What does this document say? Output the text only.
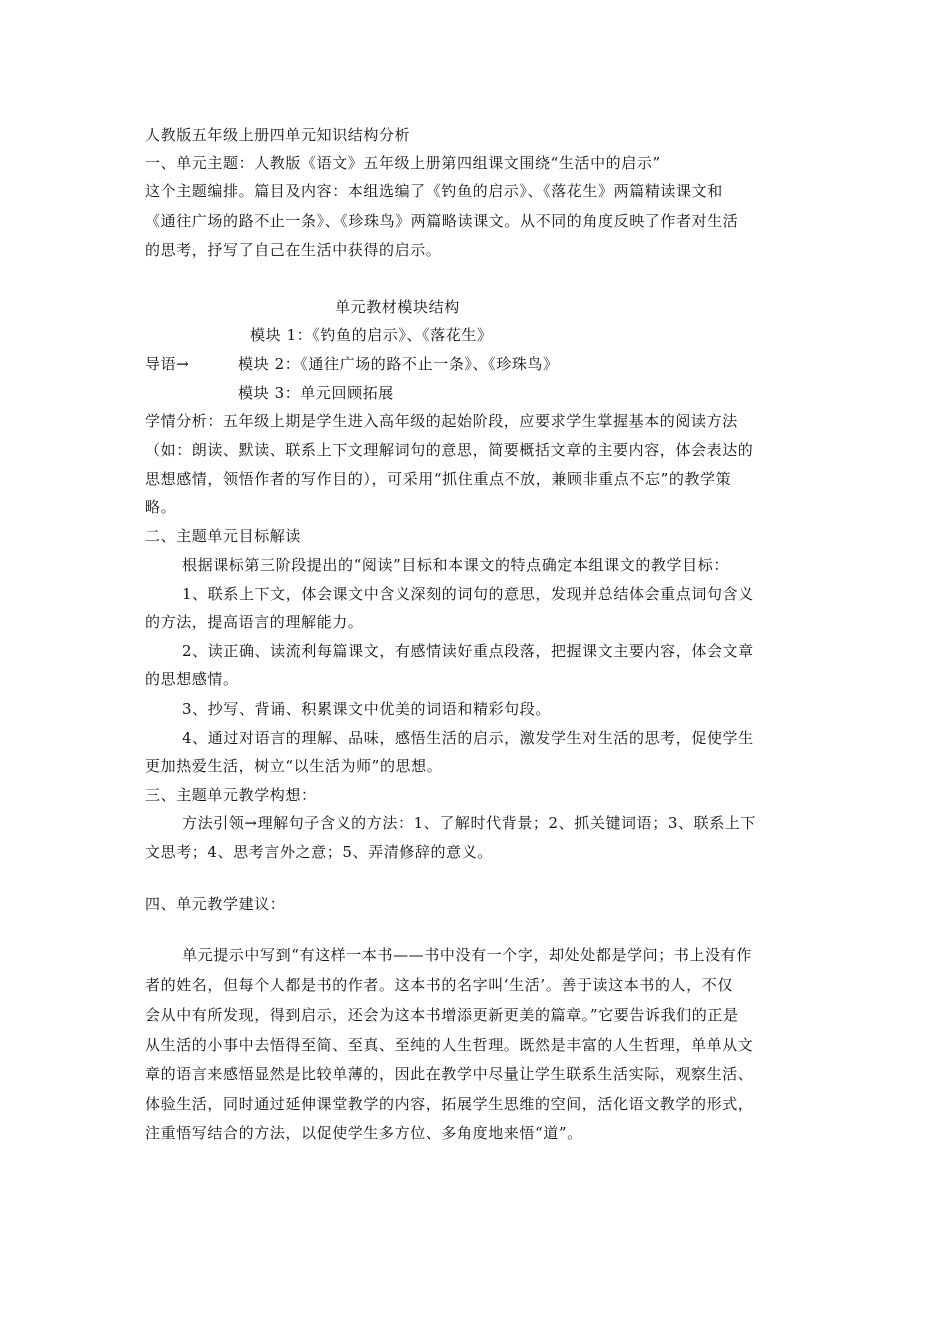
人教版五年级上册四单元知识结构分析
一、单元主题：人教版《语文》五年级上册第四组课文围绕“生活中的启示”
这个主题编排。篇目及内容：本组选编了《钓鱼的启示》、《落花生》两篇精读课文和
《通往广场的路不止一条》、《珍珠鸟》两篇略读课文。从不同的角度反映了作者对生活
的思考，抒写了自己在生活中获得的启示。
单元教材模块结构
模块 1：《钓鱼的启示》、《落花生》
导语→	模块 2：《通往广场的路不止一条》、《珍珠鸟》
模块 3：单元回顾拓展
学情分析：五年级上期是学生进入高年级的起始阶段，应要求学生掌握基本的阅读方法
（如：朗读、默读、联系上下文理解词句的意思，简要概括文章的主要内容，体会表达的
思想感情，领悟作者的写作目的），可采用“抓住重点不放，兼顾非重点不忘”的教学策
略。
二、主题单元目标解读
根据课标第三阶段提出的“阅读”目标和本课文的特点确定本组课文的教学目标：
1、联系上下文，体会课文中含义深刻的词句的意思，发现并总结体会重点词句含义
的方法，提高语言的理解能力。
2、读正确、读流利每篇课文，有感情读好重点段落，把握课文主要内容，体会文章
的思想感情。
3、抄写、背诵、积累课文中优美的词语和精彩句段。
4、通过对语言的理解、品味，感悟生活的启示，激发学生对生活的思考，促使学生
更加热爱生活，树立“以生活为师”的思想。
三、主题单元教学构想：
方法引领→理解句子含义的方法：1、了解时代背景；2、抓关键词语；3、联系上下
文思考；4、思考言外之意；5、弄清修辞的意义。
四、单元教学建议：
单元提示中写到“有这样一本书——书中没有一个字，却处处都是学问；书上没有作
者的姓名，但每个人都是书的作者。这本书的名字叫‘生活’。善于读这本书的人，不仅
会从中有所发现，得到启示，还会为这本书增添更新更美的篇章。”它要告诉我们的正是
从生活的小事中去悟得至简、至真、至纯的人生哲理。既然是丰富的人生哲理，单单从文
章的语言来感悟显然是比较单薄的，因此在教学中尽量让学生联系生活实际，观察生活、
体验生活，同时通过延伸课堂教学的内容，拓展学生思维的空间，活化语文教学的形式，
注重悟写结合的方法，以促使学生多方位、多角度地来悟“道”。
